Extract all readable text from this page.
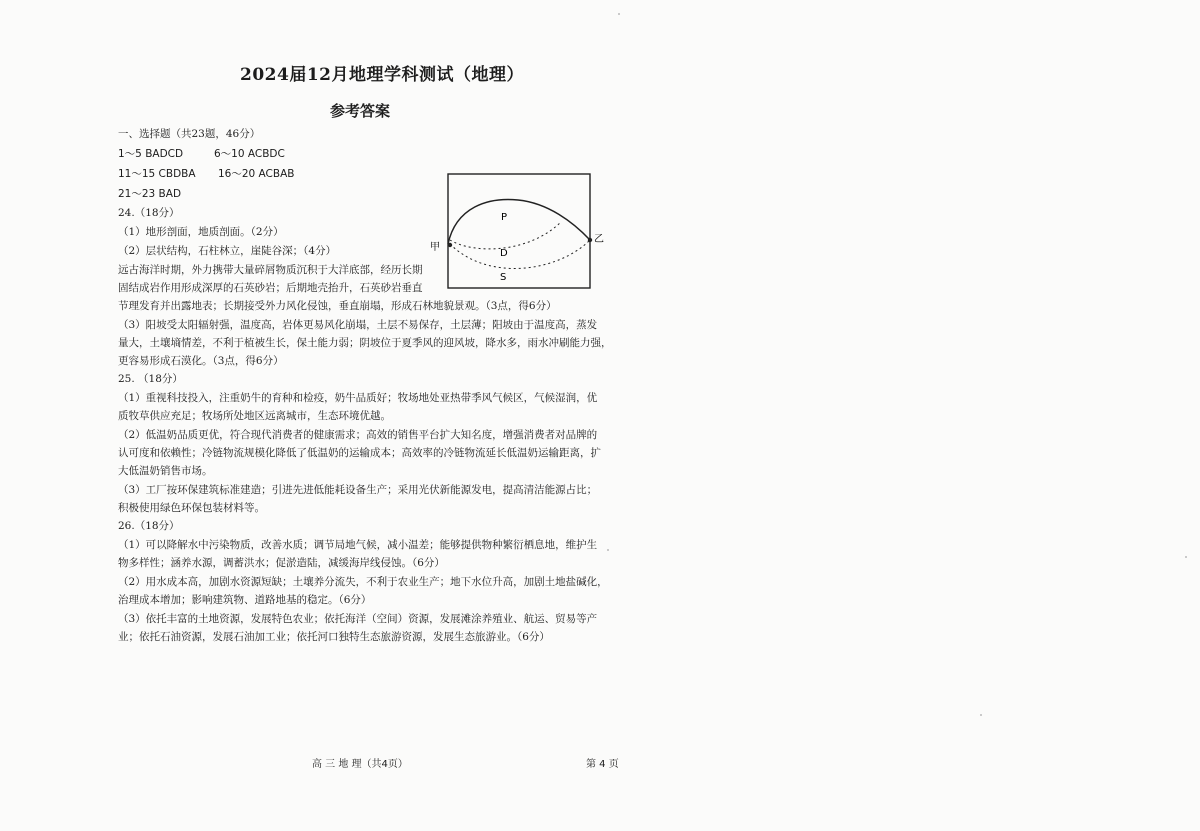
2024届12月地理学科测试（地理）
参考答案
一、选择题（共23题，46分）
1～5 BADCD	6～10 ACBDC
11～15 CBDBA 16～20 ACBAB
21～23 BAD
24.（18分）
（1）地形剖面，地质剖面。（2分）
（2）层状结构，石柱林立，崖陡谷深；（4分）
远古海洋时期，外力携带大量碎屑物质沉积于大洋底部，经历长期
固结成岩作用形成深厚的石英砂岩；后期地壳抬升，石英砂岩垂直
节理发育并出露地表；长期接受外力风化侵蚀，垂直崩塌，形成石林地貌景观。（3点，得6分）
（3）阳坡受太阳辐射强，温度高，岩体更易风化崩塌，土层不易保存，土层薄；阳坡由于温度高，蒸发
量大，土壤墒情差，不利于植被生长，保土能力弱；阴坡位于夏季风的迎风坡，降水多，雨水冲刷能力强，
更容易形成石漠化。（3点，得6分）
甲
乙
P
D
S
25. （18分）
（1）重视科技投入，注重奶牛的育种和检疫，奶牛品质好；牧场地处亚热带季风气候区，气候湿润，优
质牧草供应充足；牧场所处地区远离城市，生态环境优越。
（2）低温奶品质更优，符合现代消费者的健康需求；高效的销售平台扩大知名度，增强消费者对品牌的
认可度和依赖性；冷链物流规模化降低了低温奶的运输成本；高效率的冷链物流延长低温奶运输距离，扩
大低温奶销售市场。
（3）工厂按环保建筑标准建造；引进先进低能耗设备生产；采用光伏新能源发电，提高清洁能源占比；
积极使用绿色环保包装材料等。
26.（18分）
（1）可以降解水中污染物质，改善水质；调节局地气候，减小温差；能够提供物种繁衍栖息地，维护生
物多样性；涵养水源，调蓄洪水；促淤造陆，减缓海岸线侵蚀。（6分）
（2）用水成本高，加剧水资源短缺；土壤养分流失，不利于农业生产；地下水位升高，加剧土地盐碱化，
治理成本增加；影响建筑物、道路地基的稳定。（6分）
（3）依托丰富的土地资源，发展特色农业；依托海洋（空间）资源，发展滩涂养殖业、航运、贸易等产
业；依托石油资源，发展石油加工业；依托河口独特生态旅游资源，发展生态旅游业。（6分）
高 三 地 理（共4页）	第 4 页
